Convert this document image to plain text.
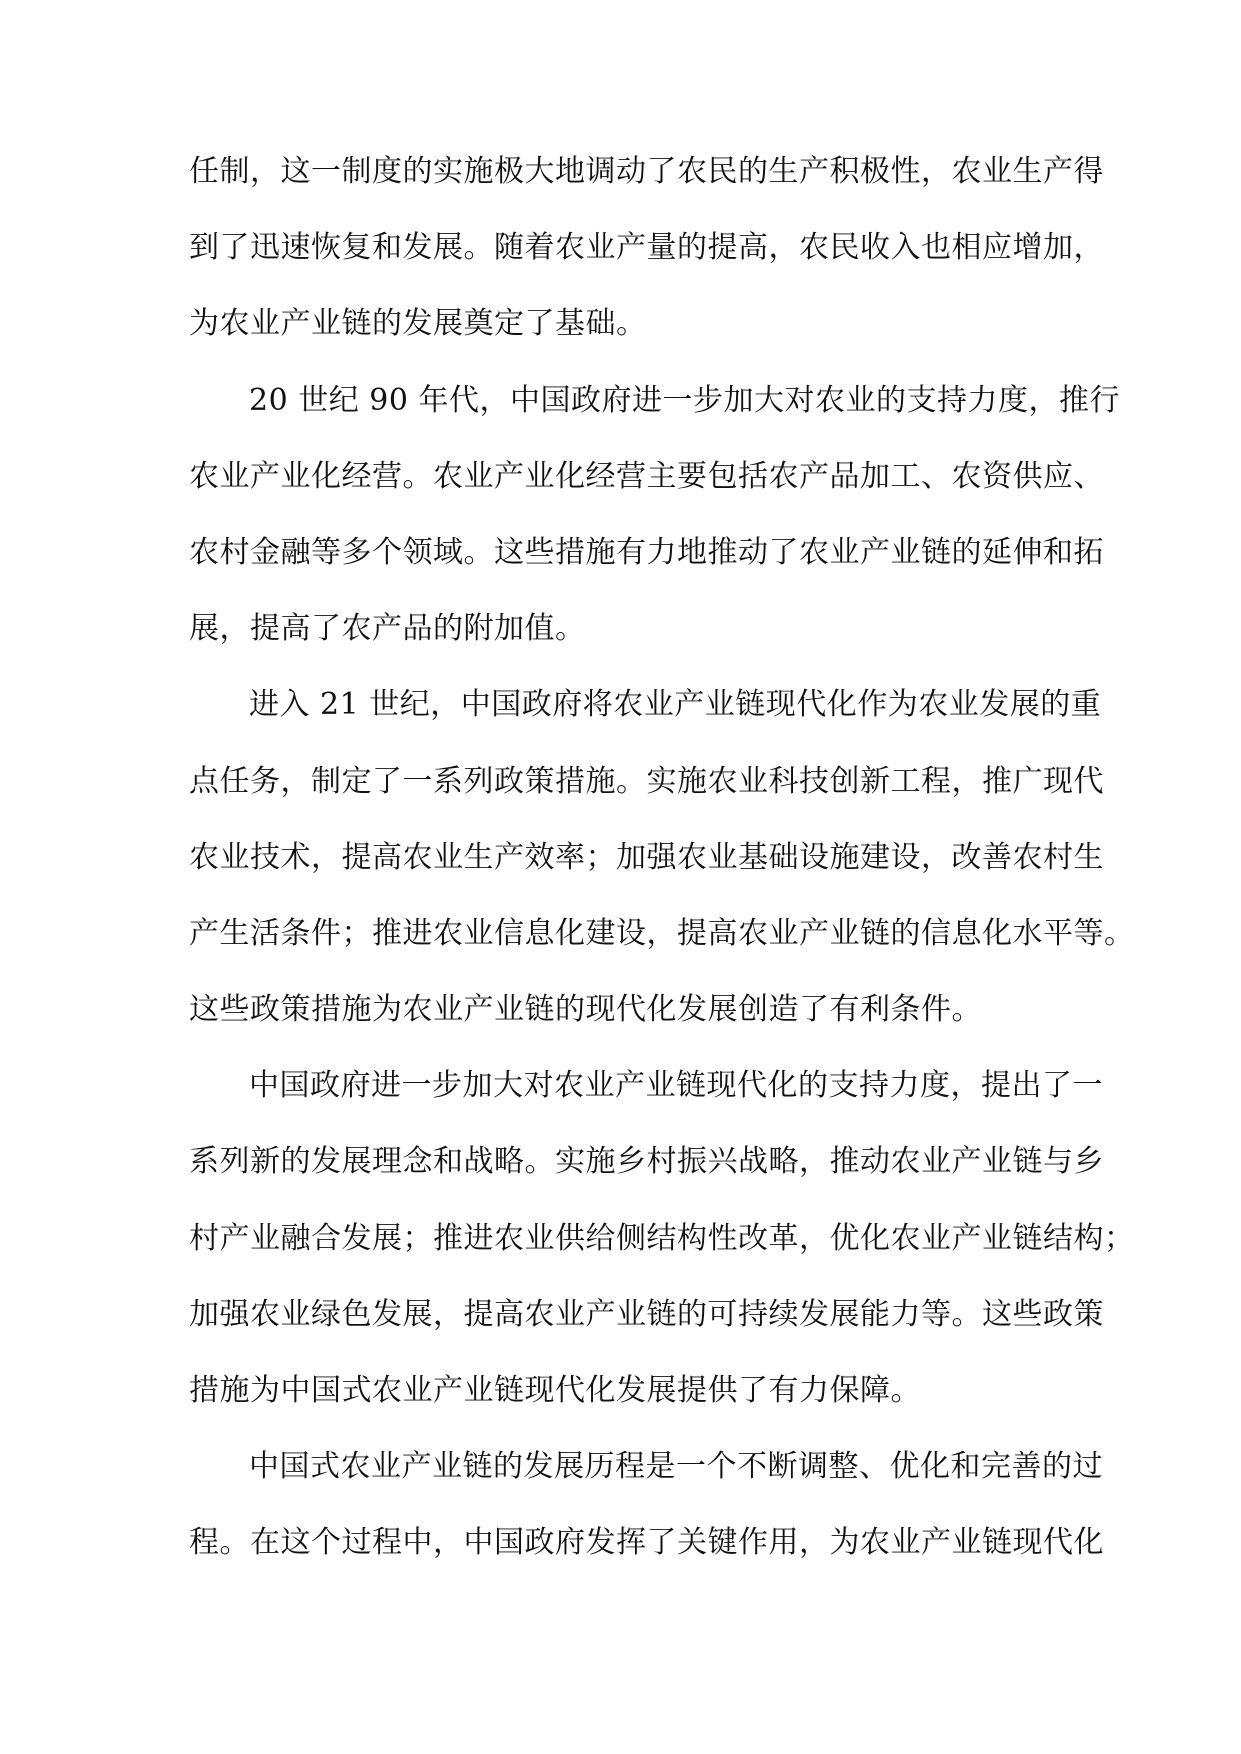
任制，这一制度的实施极大地调动了农民的生产积极性，农业生产得
到了迅速恢复和发展。随着农业产量的提高，农民收入也相应增加，
为农业产业链的发展奠定了基础。
20 世纪 90 年代，中国政府进一步加大对农业的支持力度，推行
农业产业化经营。农业产业化经营主要包括农产品加工、农资供应、
农村金融等多个领域。这些措施有力地推动了农业产业链的延伸和拓
展，提高了农产品的附加值。
进入 21 世纪，中国政府将农业产业链现代化作为农业发展的重
点任务，制定了一系列政策措施。实施农业科技创新工程，推广现代
农业技术，提高农业生产效率；加强农业基础设施建设，改善农村生
产生活条件；推进农业信息化建设，提高农业产业链的信息化水平等。
这些政策措施为农业产业链的现代化发展创造了有利条件。
中国政府进一步加大对农业产业链现代化的支持力度，提出了一
系列新的发展理念和战略。实施乡村振兴战略，推动农业产业链与乡
村产业融合发展；推进农业供给侧结构性改革，优化农业产业链结构；
加强农业绿色发展，提高农业产业链的可持续发展能力等。这些政策
措施为中国式农业产业链现代化发展提供了有力保障。
中国式农业产业链的发展历程是一个不断调整、优化和完善的过
程。在这个过程中，中国政府发挥了关键作用，为农业产业链现代化
